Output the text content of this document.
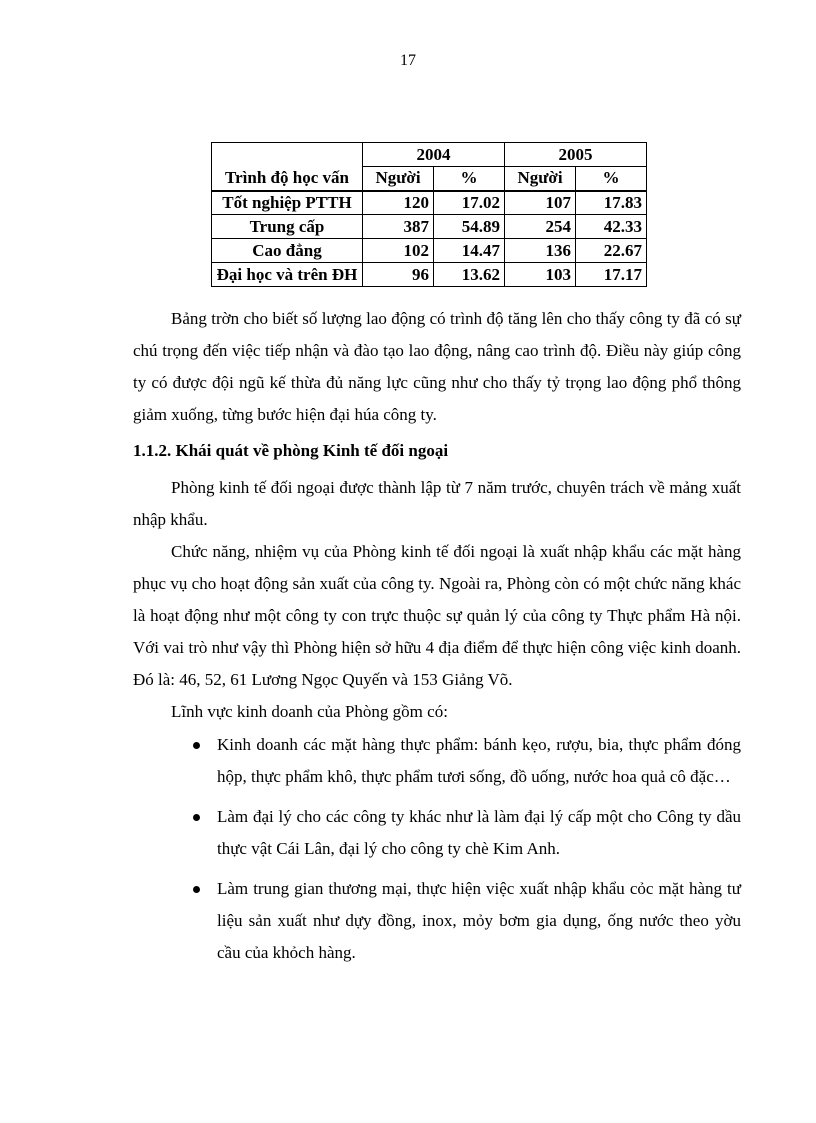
17
	2004		2005	
Trình độ học vấn	Người	%	Người	%
Tốt nghiệp PTTH	120	17.02	107	17.83
Trung cấp	387	54.89	254	42.33
Cao đẳng	102	14.47	136	22.67
Đại học và trên ĐH	96	13.62	103	17.17

Bảng trờn cho biết số lượng lao động có trình độ tăng lên cho thấy công ty đã có sự chú trọng đến việc tiếp nhận và đào tạo lao động, nâng cao trình độ. Điều này giúp công ty có được đội ngũ kế thừa đủ năng lực cũng như cho thấy tỷ trọng lao động phổ thông giảm xuống, từng bước hiện đại húa công ty.

1.1.2. Khái quát về phòng Kinh tế đối ngoại

Phòng kinh tế đối ngoại được thành lập từ 7 năm trước, chuyên trách về mảng xuất nhập khẩu.

Chức năng, nhiệm vụ của Phòng kinh tế đối ngoại là xuất nhập khẩu các mặt hàng phục vụ cho hoạt động sản xuất của công ty. Ngoài ra, Phòng còn có một chức năng khác là hoạt động như một công ty con trực thuộc sự quản lý của công ty Thực phẩm Hà nội. Với vai trò như vậy thì Phòng hiện sở hữu 4 địa điểm để thực hiện công việc kinh doanh. Đó là: 46, 52, 61 Lương Ngọc Quyến và 153 Giảng Võ.

Lĩnh vực kinh doanh của Phòng gồm có:

Kinh doanh các mặt hàng thực phẩm: bánh kẹo, rượu, bia, thực phẩm đóng hộp, thực phẩm khô, thực phẩm tươi sống, đồ uống, nước hoa quả cô đặc…
Làm đại lý cho các công ty khác như là làm đại lý cấp một cho Công ty dầu thực vật Cái Lân, đại lý cho công ty chè Kim Anh.
Làm trung gian thương mại, thực hiện việc xuất nhập khẩu cỏc mặt hàng tư liệu sản xuất như dựy đồng, inox, mỏy bơm gia dụng, ống nước theo yờu cầu của khỏch hàng.
